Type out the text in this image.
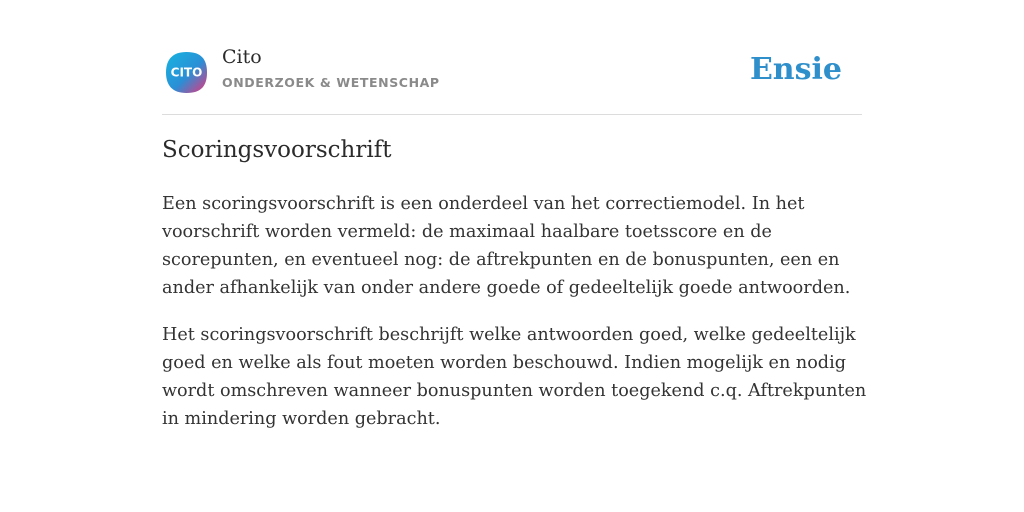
CITO
Cito
ONDERZOEK & WETENSCHAP	Ensie
Scoringsvoorschrift

Een scoringsvoorschrift is een onderdeel van het correctiemodel. In het voorschrift worden vermeld: de maximaal haalbare toetsscore en de scorepunten, en eventueel nog: de aftrekpunten en de bonuspunten, een en ander afhankelijk van onder andere goede of gedeeltelijk goede antwoorden.

Het scoringsvoorschrift beschrijft welke antwoorden goed, welke gedeeltelijk goed en welke als fout moeten worden beschouwd. Indien mogelijk en nodig wordt omschreven wanneer bonuspunten worden toegekend c.q. Aftrekpunten in mindering worden gebracht.
